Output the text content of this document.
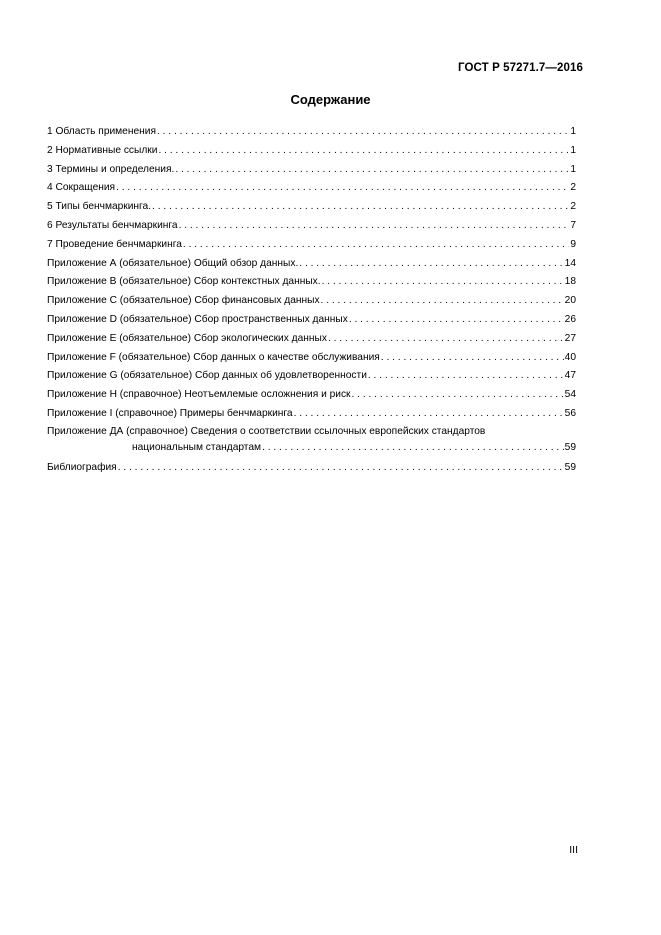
ГОСТ Р 57271.7—2016
Содержание
1 Область применения . . .	1
2 Нормативные ссылки . . .	1
3 Термины и определения. . . .	1
4 Сокращения . . .	2
5 Типы бенчмаркинга. . . .	2
6 Результаты бенчмаркинга . . .	7
7 Проведение бенчмаркинга . . .	9
Приложение А (обязательное) Общий обзор данных. . . .	14
Приложение В (обязательное) Сбор контекстных данных. . . .	18
Приложение С (обязательное) Сбор финансовых данных . . .	20
Приложение D (обязательное) Сбор пространственных данных . . .	26
Приложение Е (обязательное) Сбор экологических данных . . .	27
Приложение F (обязательное) Сбор данных о качестве обслуживания . . .	40
Приложение G (обязательное) Сбор данных об удовлетворенности . . .	47
Приложение Н (справочное) Неотъемлемые осложнения и риск . . .	54
Приложение I (справочное) Примеры бенчмаркинга . . .	56
Приложение ДА (справочное) Сведения о соответствии ссылочных европейских стандартов
национальным стандартам . . .	59
Библиография . . .	59
III
